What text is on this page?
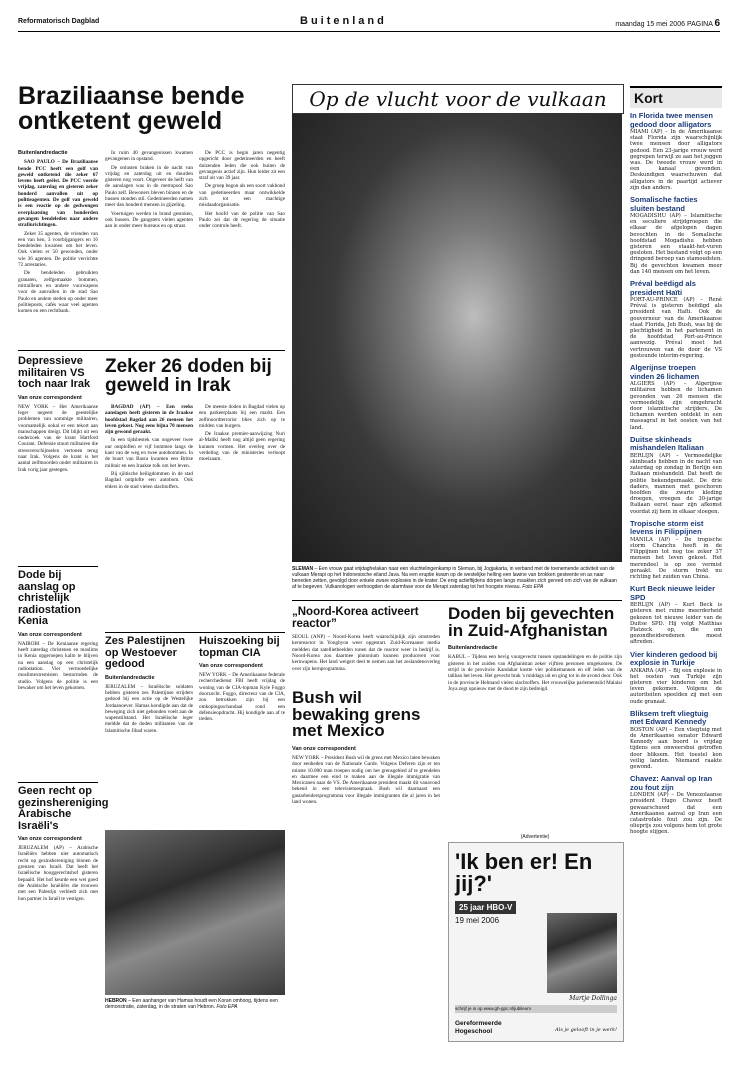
Reformatorisch Dagblad	Buitenland	maandag 15 mei 2006 PAGINA 6
Braziliaanse bende ontketent geweld
Buitenlandredactie

SAO PAULO – De Braziliaanse bende PCC heeft een golf van geweld ontketend die zeker 67 levens heeft geëist. De PCC voerde vrijdag, zaterdag en gisteren zeker honderd aanvallen uit op politieagenten. De golf van geweld is een reactie op de gedwongen overplaatsing van honderden gevangen bendeleden naar andere strafinrichtingen.

Zeker 35 agenten, de vrienden van een van hen, 3 voorbijgangers en 16 bendeleden kwamen om het leven. Ook vielen er 50 gewonden, onder wie 36 agenten. De politie verrichtte 72 arrestaties.

De bendeleden gebruikten granaten, zelfgemaakte bommen, mitrailleurs en andere vuurwapens voor de aanvallen in de stad Sao Paulo en andere steden op onder meer politieposts, cafés waar veel agenten komen en een rechtbank.

In ruim 40 gevangenissen kwamen gevangenen in opstand.

De onlusten braken in de nacht van vrijdag en zaterdag uit en duurden gisteren nog voort. Ongeveer de helft van de aanslagen was in de metropool Sao Paulo zelf. Bewoners bleven binnen en de bussen stonden stil. Gedetineerden namen meer dan honderd mensen in gijzeling.

Voertuigen werden in brand gestoken, ook bussen. De gangsters vielen agenten aan in onder meer bureaus en op straat.

De PCC is begin jaren negentig opgericht door gedetineerden en heeft duizenden leden die ook buiten de gevangenis actief zijn. Hun leider zit een straf uit van 39 jaar.

De groep begon als een soort vakbond van gedetineerden maar ontwikkelde zich tot een machtige misdaadorganisatie.

Het hoofd van de politie van Sao Paulo zei dat de regering de situatie onder controle heeft.

Op de vlucht voor de vulkaan
SLEMAN – Een vrouw gaat vrijdaghelakan naar een vluchtelingenkamp in Sleman, bij Jogjakarta, in verband met de toenemende activiteit van de vulkaan Merapi op het Indonesische eiland Java. Na een eruptie kwam op de westelijke helling een lawine van brokken gesteente en as naar beneden zetten, gevolgd door enkele zware explosies in de krater. De enig actieftijdens dorpen langs maakten zich gereed om zich van de vulkaan af te begeven. Vulkanologen verhoogden de alarmfase voor de Merapi zaterdag tot het hoogste niveau. Foto EPA
Zeker 26 doden bij geweld in Irak

BAGDAD (AP) – Een reeks aanslagen heeft gisteren in de Iraakse hoofdstad Bagdad aan 26 mensen het leven gekost. Nog eens bijna 70 mensen zijn gewond geraakt.

In een tijdsbestek van ongeveer twee uur ontploften er vijf bommen langs de kant van de weg en twee autobommen. In de buurt van Basra kwamen een Britse militair en een Iraakse tolk om het leven.

Bij sjiitische heiligdommen in de stad Bagdad ontplofte een autobom. Ook elders in de stad vielen slachtoffers.

De meeste doden in Bagdad vielen op een parkeerplaats bij een markt. Een zelfmoordterrorist blies zich op te midden van burgers.

De Iraakse premier-aanwijzing Nuri al-Maliki heeft nog altijd geen regering kunnen vormen. Het overleg over de verdeling van de ministeries verloopt moeizaam.

Depressieve militairen VS toch naar Irak
Van onze correspondent
NEW YORK – Het Amerikaanse leger negeert de geestelijke problemen van sommige militairen, voornamelijk ookal er een tekort aan manschappen dreigt. Dit blijkt uit een onderzoek van de krant Hartford Courant. Defensie stuurt militairen die stressverschijnselen vertonen terug naar Irak. Volgens de krant is het aantal zelfmoorden onder militairen in Irak vorig jaar gestegen.
Dode bij aanslag op christelijk radiostation Kenia
Van onze correspondent
NAIROBI – De Keniaanse regering heeft zaterdag christenen en moslims in Kenia opgeroepen kalm te blijven na een aanslag op een christelijk radiostation. Vier vermoedelijke moslimextremisten bestormden de studio. Volgens de politie is een bewaker om het leven gekomen.
Geen recht op gezinshereniging Arabische Israëli's
Van onze correspondent
JERUZALEM (AP) – Arabische Israëliërs hebben niet automatisch recht op gezinshereniging binnen de grenzen van Israël. Dat heeft het Israëlische hooggerechtshof gisteren bepaald. Het hof keurde een wet goed die Arabische Israëliërs die trouwen met een Palestijn verbiedt zich met hun partner in Israël te vestigen.
Zes Palestijnen op Westoever gedood
Buitenlandredactie
JERUZALEM – Israëlische soldaten hebben gisteren zes Palestijnse strijders gedood bij een actie op de Westelijke Jordaanoever. Hamas kondigde aan dat de beweging zich niet gebonden voelt aan de wapenstilstand. Het Israëlische leger meldde dat de doden militanten van de Islamitische Jihad waren.
Huiszoeking bij topman CIA
Van onze correspondent
NEW YORK – De Amerikaanse federale recherchedienst FBI heeft vrijdag de woning van de CIA-topman Kyle Foggo doorzocht. Foggo, directeur van de CIA, zou betrokken zijn bij een omkopingsschandaal rond een defensieopdracht. Hij kondigde aan af te treden.
HEBRON – Een aanhanger van Hamas houdt een Koran omhoog, tijdens een demonstratie, zaterdag, in de straten van Hebron. Foto EPA
„Noord-Korea activeert reactor”
SEOUL (ANP) – Noord-Korea heeft waarschijnlijk zijn omstreden kernreactor in Yongbyon weer opgestart. Zuid-Koreaanse media meldden dat satellietbeelden tonen dat de reactor weer in bedrijf is. Noord-Korea zou daarmee plutonium kunnen produceren voor kernwapens. Het land weigert deel te nemen aan het zeslandenoverleg over zijn kernprogramma.
Bush wil bewaking grens met Mexico
Van onze correspondent
NEW YORK – President Bush wil de grens met Mexico laten bewaken door eenheden van de Nationale Garde. Volgens Deferen zijn er ten minste 10.000 man troepen nodig om het grensgebied af te grendelen en daarmee een eind te maken aan de illegale immigratie van Mexicanen naar de VS. De Amerikaanse president maakt dit vanavond bekend in een televisietoespraak. Bush wil daarnaast een gastarbeidersprogramma voor illegale immigranten die al jaren in het land wonen.
Doden bij gevechten in Zuid-Afghanistan
Buitenlandredactie
KABUL – Tijdens een hevig vuurgevecht tussen opstandelingen en de politie zijn gisteren in het zuiden van Afghanistan zeker vijftien personen omgekomen. De strijd in de provincie Kandahar kostte vier politiemannen en elf leden van de taliban het leven. Het gevecht brak 's middags uit en ging tot in de avond door. Ook in de provincie Helmand vielen slachtoffers. Het vrouwelijke parlementslid Malalai Joya zegt opnieuw met de dood te zijn bedreigd.
(Advertentie)
'Ik ben er! En jij?'
25 jaar HBO-V
19 mei 2006
Martje Dollinga
schrijf je in op www.gh-gpc.nl/jubileum
Gereformeerde Hogeschool	Als je gelooft in je werk!
Kort
In Florida twee mensen gedood door alligators

MIAMI (AP) – In de Amerikaanse staat Florida zijn waarschijnlijk twee mensen door alligators gedood. Een 23-jarige vrouw werd gegrepen terwijl ze aan het joggen was. De tweede vrouw werd in een kanaal gevonden. Deskundigen waarschuwen dat alligators in de paartijd actiever zijn dan anders.

Somalische facties sluiten bestand

MOGADISHU (AP) – Islamitische en seculiere strijdgroepen die elkaar de afgelopen dagen bevochten in de Somalische hoofdstad Mogadishu hebben gisteren een staakt-het-vuren gesloten. Het bestand volgt op een dringend beroep van stamoudsten. Bij de gevechten kwamen meer dan 140 mensen om het leven.

Préval beëdigd als president Haïti

PORT-AU-PRINCE (AP) – René Préval is gisteren beëdigd als president van Haïti. Ook de gouverneur van de Amerikaanse staat Florida, Jeb Bush, was bij de plechtigheid in het parlement in de hoofdstad Port-au-Prince aanwezig. Préval moet het vertrouwen van de door de VS gesteunde interim-regering.

Algerijnse troepen vinden 26 lichamen

ALGIERS (AP) – Algerijnse militairen hebben de lichamen gevonden van 26 mensen die vermoedelijk zijn omgebracht door islamitische strijders. De lichamen werden ontdekt in een massagraf in het oosten van het land.

Duitse skinheads mishandelen Italiaan

BERLIJN (AP) – Vermoedelijke skinheads hebben in de nacht van zaterdag op zondag in Berlijn een Italiaan mishandeld. Dat heeft de politie bekendgemaakt. De drie daders, mannen met geschoren hoofden die zwarte kleding droegen, vroegen de 30-jarige Italiaan eerst naar zijn afkomst voordat zij hem in elkaar sloegen.

Tropische storm eist levens in Filippijnen

MANILA (AP) – De tropische storm Chanchu heeft in de Filippijnen tot nog toe zeker 37 mensen het leven gekost. Het merendeel is op zee vermist geraakt. De storm trekt nu richting het zuiden van China.

Kurt Beck nieuwe leider SPD

BERLIJN (AP) – Kurt Beck is gisteren met ruime meerderheid gekozen tot nieuwe leider van de Duitse SPD. Hij volgt Matthias Platzeck op, die om gezondheidsredenen moest aftreden.

Vier kinderen gedood bij explosie in Turkije

ANKARA (AP) – Bij een explosie in het oosten van Turkije zijn gisteren vier kinderen om het leven gekomen. Volgens de autoriteiten speelden zij met een oude granaat.

Bliksem treft vliegtuig met Edward Kennedy

BOSTON (AP) – Een vliegtuig met de Amerikaanse senator Edward Kennedy aan boord is vrijdag tijdens een onweersbui getroffen door bliksem. Het toestel kon veilig landen. Niemand raakte gewond.

Chavez: Aanval op Iran zou fout zijn

LONDEN (AP) – De Venezolaanse president Hugo Chavez heeft gewaarschuwd dat een Amerikaanse aanval op Iran een catastrofale fout zou zijn. De olieprijs zou volgens hem tot grote hoogte stijgen.
